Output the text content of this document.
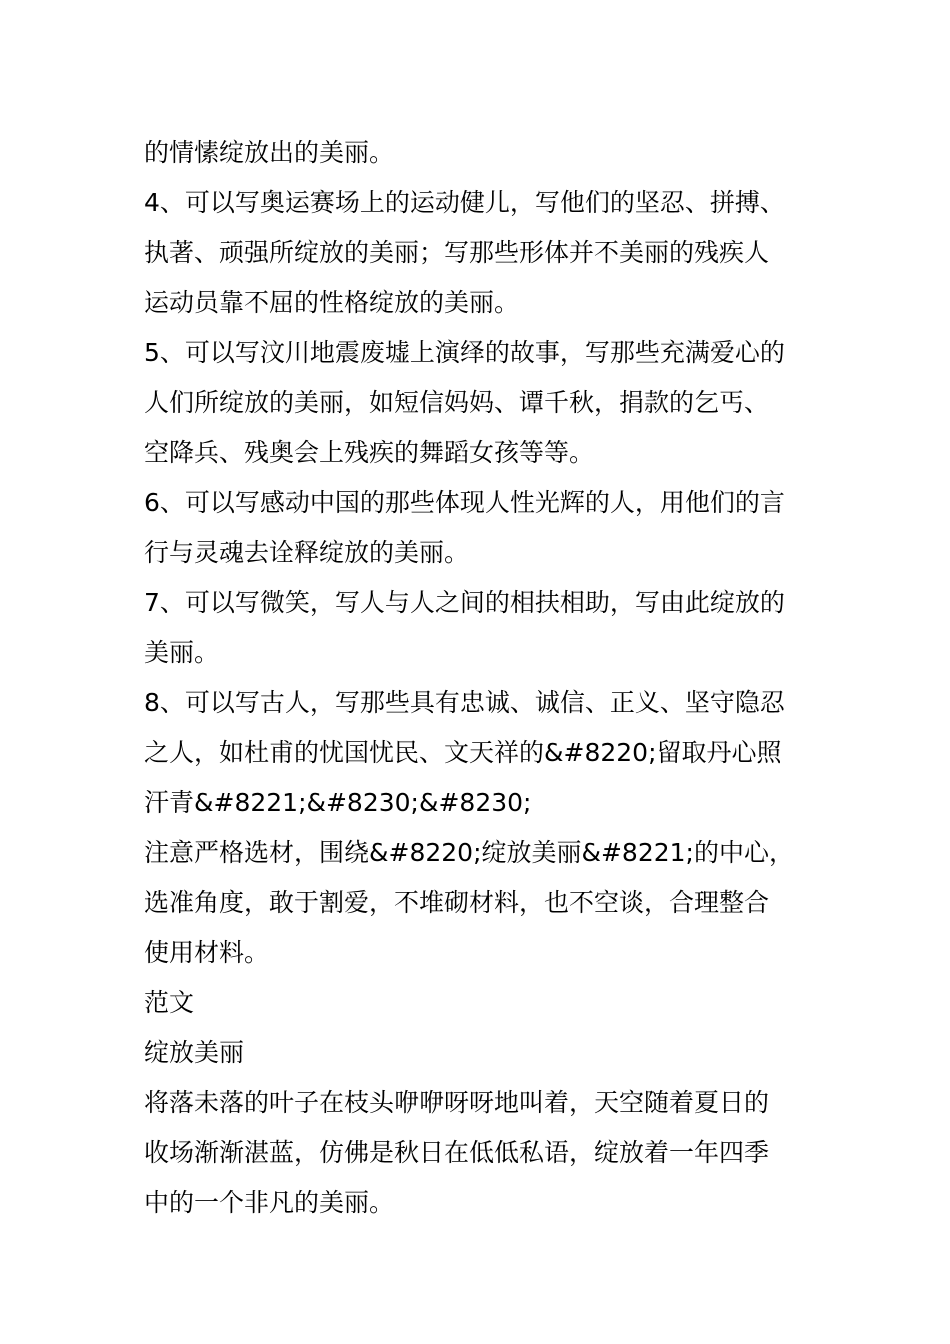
的情愫绽放出的美丽。
4、可以写奥运赛场上的运动健儿，写他们的坚忍、拼搏、
执著、顽强所绽放的美丽；写那些形体并不美丽的残疾人
运动员靠不屈的性格绽放的美丽。
5、可以写汶川地震废墟上演绎的故事，写那些充满爱心的
人们所绽放的美丽，如短信妈妈、谭千秋，捐款的乞丐、
空降兵、残奥会上残疾的舞蹈女孩等等。
6、可以写感动中国的那些体现人性光辉的人，用他们的言
行与灵魂去诠释绽放的美丽。
7、可以写微笑，写人与人之间的相扶相助，写由此绽放的
美丽。
8、可以写古人，写那些具有忠诚、诚信、正义、坚守隐忍
之人，如杜甫的忧国忧民、文天祥的&#8220;留取丹心照
汗青&#8221;&#8230;&#8230;
注意严格选材，围绕&#8220;绽放美丽&#8221;的中心，
选准角度，敢于割爱，不堆砌材料，也不空谈，合理整合
使用材料。
范文
绽放美丽
将落未落的叶子在枝头咿咿呀呀地叫着，天空随着夏日的
收场渐渐湛蓝，仿佛是秋日在低低私语，绽放着一年四季
中的一个非凡的美丽。
